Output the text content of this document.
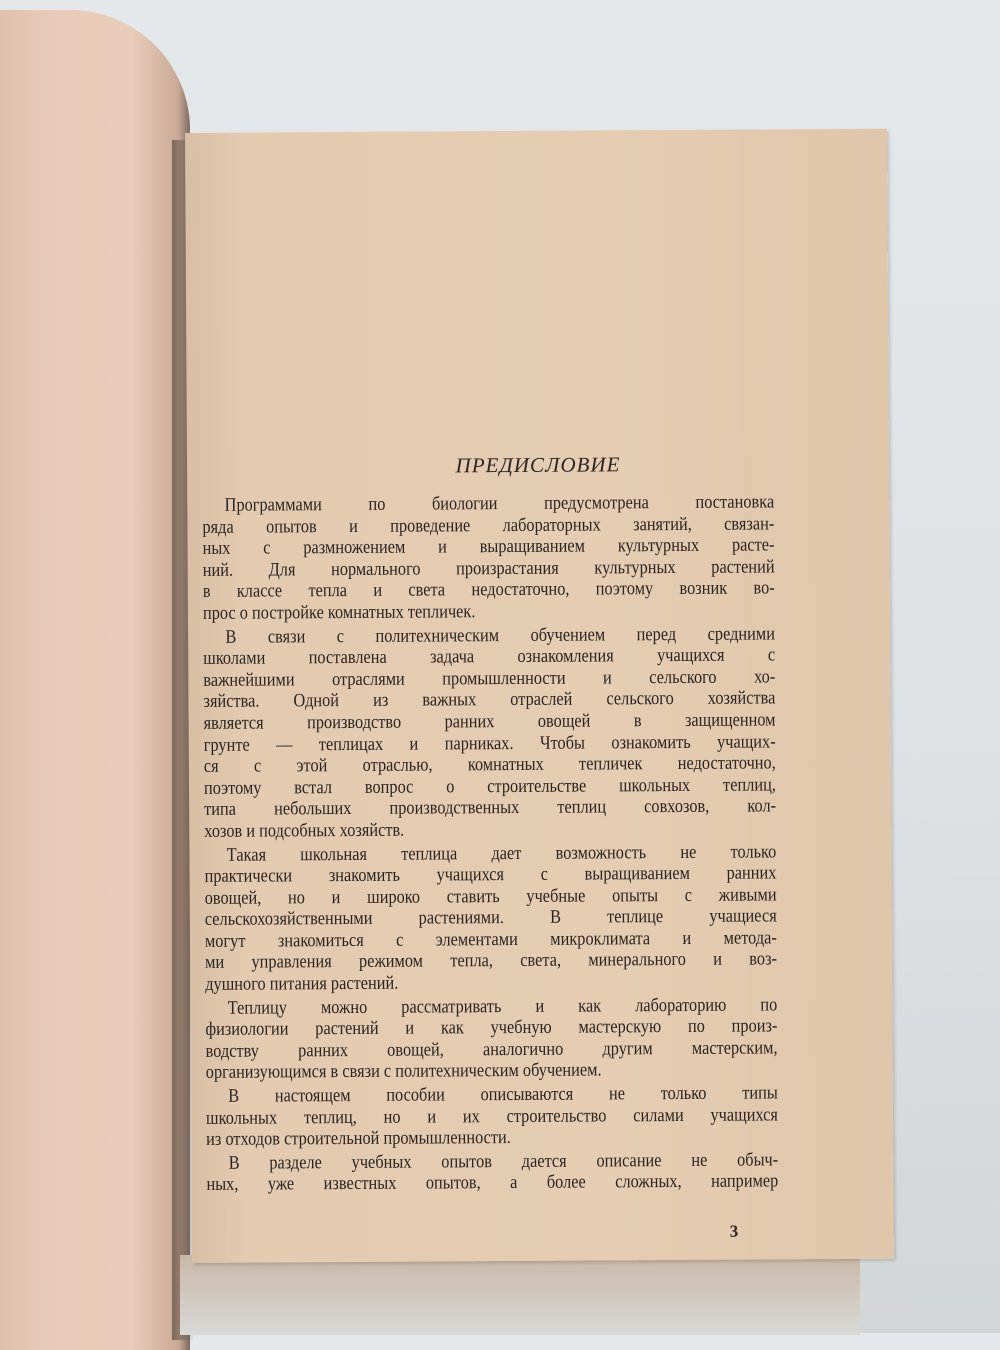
ПРЕДИСЛОВИЕ
Программами по биологии предусмотрена постановка
ряда опытов и проведение лабораторных занятий, связан-
ных с размножением и выращиванием культурных расте-
ний. Для нормального произрастания культурных растений
в классе тепла и света недостаточно, поэтому возник во-
прос о постройке комнатных тепличек.
В связи с политехническим обучением перед средними
школами поставлена задача ознакомления учащихся с
важнейшими отраслями промышленности и сельского хо-
зяйства. Одной из важных отраслей сельского хозяйства
является производство ранних овощей в защищенном
грунте — теплицах и парниках. Чтобы ознакомить учащих-
ся с этой отраслью, комнатных тепличек недостаточно,
поэтому встал вопрос о строительстве школьных теплиц,
типа небольших производственных теплиц совхозов, кол-
хозов и подсобных хозяйств.
Такая школьная теплица дает возможность не только
практически знакомить учащихся с выращиванием ранних
овощей, но и широко ставить учебные опыты с живыми
сельскохозяйственными растениями. В теплице учащиеся
могут знакомиться с элементами микроклимата и метода-
ми управления режимом тепла, света, минерального и воз-
душного питания растений.
Теплицу можно рассматривать и как лабораторию по
физиологии растений и как учебную мастерскую по произ-
водству ранних овощей, аналогично другим мастерским,
организующимся в связи с политехническим обучением.
В настоящем пособии описываются не только типы
школьных теплиц, но и их строительство силами учащихся
из отходов строительной промышленности.
В разделе учебных опытов дается описание не обыч-
ных, уже известных опытов, а более сложных, например
3
